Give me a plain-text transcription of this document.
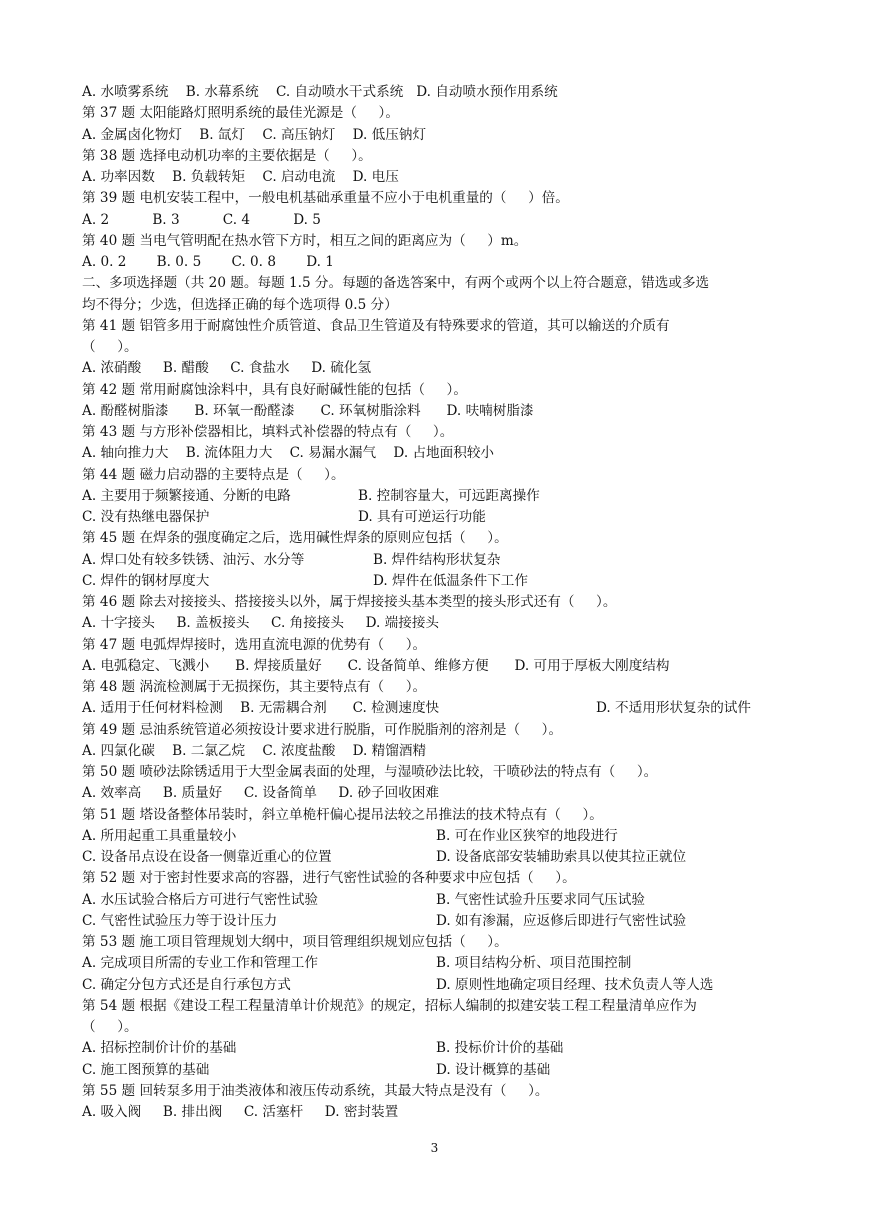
A. 水喷雾系统    B. 水幕系统    C. 自动喷水干式系统   D. 自动喷水预作用系统
第 37 题 太阳能路灯照明系统的最佳光源是（     ）。
A. 金属卤化物灯    B. 氙灯    C. 高压钠灯    D. 低压钠灯
第 38 题 选择电动机功率的主要依据是（     ）。
A. 功率因数    B. 负载转矩    C. 启动电流    D. 电压
第 39 题 电机安装工程中，一般电机基础承重量不应小于电机重量的（     ）倍。
A. 2          B. 3          C. 4          D. 5
第 40 题 当电气管明配在热水管下方时，相互之间的距离应为（     ）m。
A. 0. 2       B. 0. 5       C. 0. 8       D. 1
二、多项选择题（共 20 题。每题 1.5 分。每题的备选答案中，有两个或两个以上符合题意，错选或多选
均不得分；少选，但选择正确的每个选项得 0.5 分）
第 41 题 铝管多用于耐腐蚀性介质管道、食品卫生管道及有特殊要求的管道，其可以输送的介质有
（     ）。
A. 浓硝酸     B. 醋酸     C. 食盐水     D. 硫化氢
第 42 题 常用耐腐蚀涂料中，具有良好耐碱性能的包括（     ）。
A. 酚醛树脂漆      B. 环氧一酚醛漆      C. 环氧树脂涂料      D. 呋喃树脂漆
第 43 题 与方形补偿器相比，填料式补偿器的特点有（     ）。
A. 轴向推力大    B. 流体阻力大    C. 易漏水漏气    D. 占地面积较小
第 44 题 磁力启动器的主要特点是（     ）。
A. 主要用于频繁接通、分断的电路	B. 控制容量大，可远距离操作
C. 没有热继电器保护	D. 具有可逆运行功能
第 45 题 在焊条的强度确定之后，选用碱性焊条的原则应包括（     ）。
A. 焊口处有较多铁锈、油污、水分等	B. 焊件结构形状复杂
C. 焊件的钢材厚度大	D. 焊件在低温条件下工作
第 46 题 除去对接接头、搭接接头以外，属于焊接接头基本类型的接头形式还有（     ）。
A. 十字接头     B. 盖板接头     C. 角接接头     D. 端接接头
第 47 题 电弧焊焊接时，选用直流电源的优势有（     ）。
A. 电弧稳定、飞溅小      B. 焊接质量好      C. 设备简单、维修方便      D. 可用于厚板大刚度结构
第 48 题 涡流检测属于无损探伤，其主要特点有（     ）。
A. 适用于任何材料检测    B. 无需耦合剂      C. 检测速度快	D. 不适用形状复杂的试件
第 49 题 忌油系统管道必须按设计要求进行脱脂，可作脱脂剂的溶剂是（     ）。
A. 四氯化碳    B. 二氯乙烷    C. 浓度盐酸    D. 精馏酒精
第 50 题 喷砂法除锈适用于大型金属表面的处理，与湿喷砂法比较，干喷砂法的特点有（     ）。
A. 效率高     B. 质量好     C. 设备简单     D. 砂子回收困难
第 51 题 塔设备整体吊装时，斜立单桅杆偏心提吊法较之吊推法的技术特点有（     ）。
A. 所用起重工具重量较小	B. 可在作业区狭窄的地段进行
C. 设备吊点设在设备一侧靠近重心的位置	D. 设备底部安装辅助索具以使其拉正就位
第 52 题 对于密封性要求高的容器，进行气密性试验的各种要求中应包括（     ）。
A. 水压试验合格后方可进行气密性试验	B. 气密性试验升压要求同气压试验
C. 气密性试验压力等于设计压力	D. 如有渗漏，应返修后即进行气密性试验
第 53 题 施工项目管理规划大纲中，项目管理组织规划应包括（     ）。
A. 完成项目所需的专业工作和管理工作	B. 项目结构分析、项目范围控制
C. 确定分包方式还是自行承包方式	D. 原则性地确定项目经理、技术负责人等人选
第 54 题 根据《建设工程工程量清单计价规范》的规定，招标人编制的拟建安装工程工程量清单应作为
（     ）。
A. 招标控制价计价的基础	B. 投标价计价的基础
C. 施工图预算的基础	D. 设计概算的基础
第 55 题 回转泵多用于油类液体和液压传动系统，其最大特点是没有（     ）。
A. 吸入阀     B. 排出阀     C. 活塞杆     D. 密封装置
3
